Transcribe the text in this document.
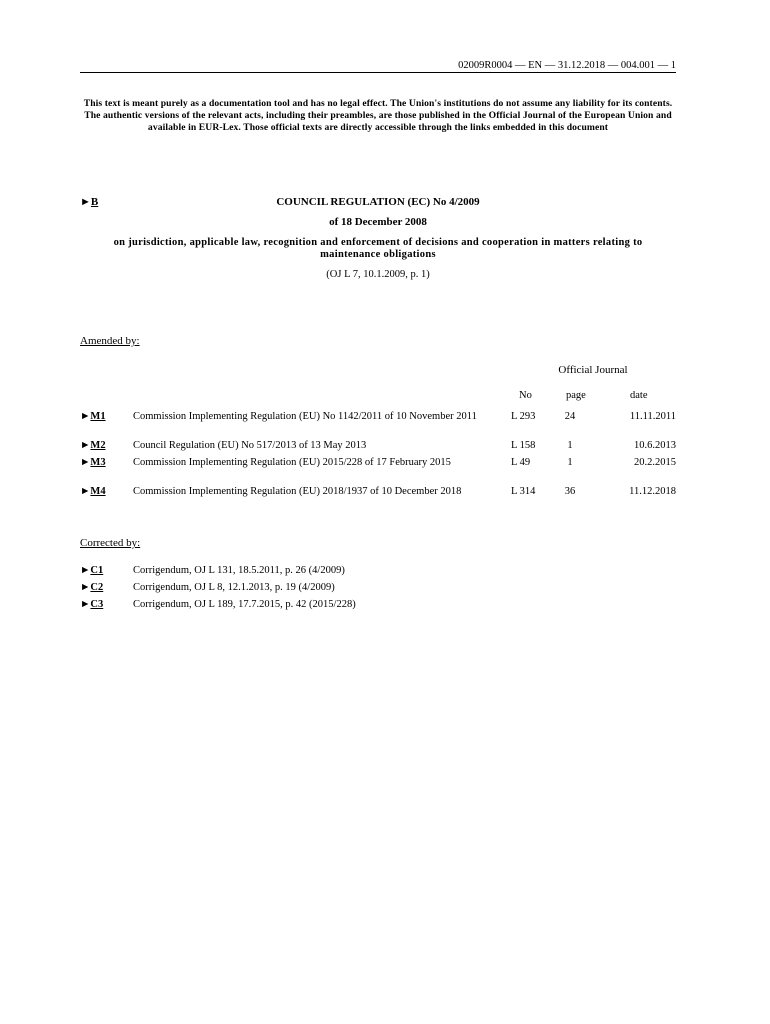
02009R0004 — EN — 31.12.2018 — 004.001 — 1
This text is meant purely as a documentation tool and has no legal effect. The Union's institutions do not assume any liability for its contents. The authentic versions of the relevant acts, including their preambles, are those published in the Official Journal of the European Union and available in EUR-Lex. Those official texts are directly accessible through the links embedded in this document
►B	COUNCIL REGULATION (EC) No 4/2009
of 18 December 2008
on jurisdiction, applicable law, recognition and enforcement of decisions and cooperation in matters relating to maintenance obligations
(OJ L 7, 10.1.2009, p. 1)
Amended by:
Official Journal
No	page	date
►M1	Commission Implementing Regulation (EU) No 1142/2011 of 10 November 2011	L 293	24	11.11.2011
►M2	Council Regulation (EU) No 517/2013 of 13 May 2013	L 158	1	10.6.2013
►M3	Commission Implementing Regulation (EU) 2015/228 of 17 February 2015	L 49	1	20.2.2015
►M4	Commission Implementing Regulation (EU) 2018/1937 of 10 December 2018	L 314	36	11.12.2018
Corrected by:
►C1	Corrigendum, OJ L 131, 18.5.2011, p. 26 (4/2009)
►C2	Corrigendum, OJ L 8, 12.1.2013, p. 19 (4/2009)
►C3	Corrigendum, OJ L 189, 17.7.2015, p. 42 (2015/228)
